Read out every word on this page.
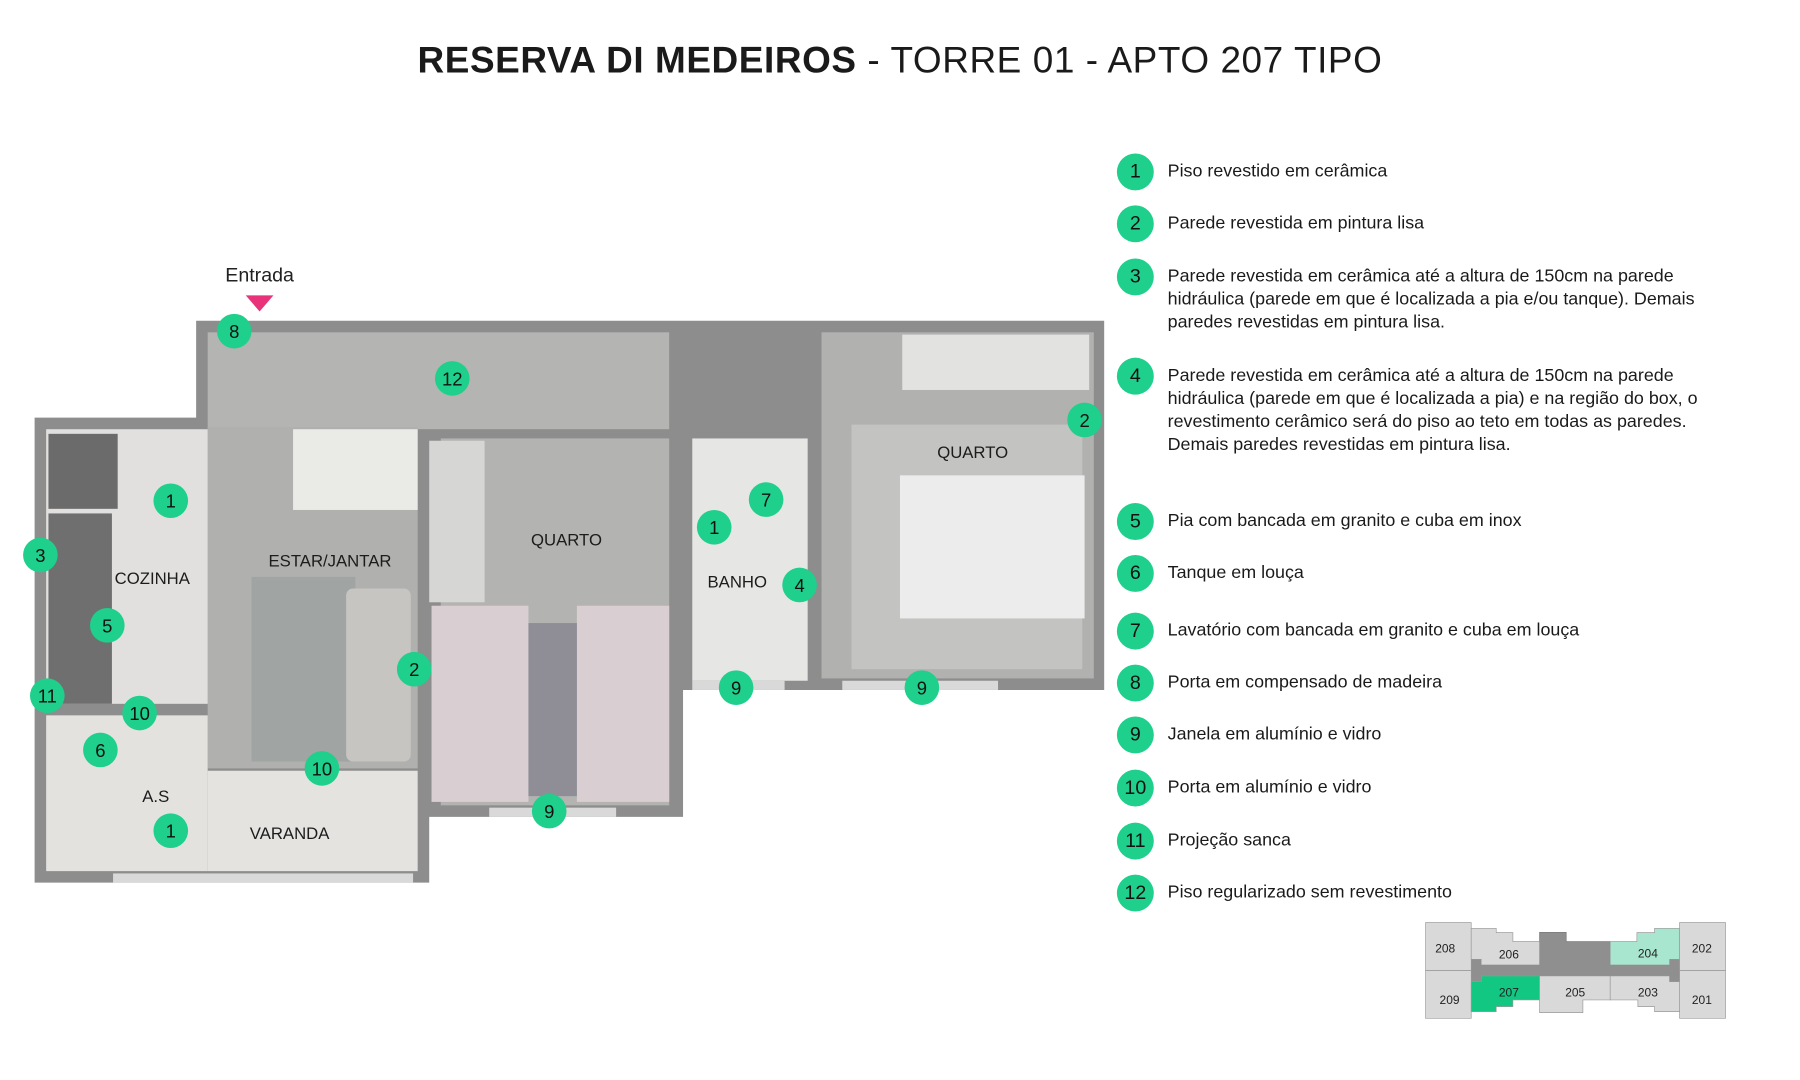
RESERVA DI MEDEIROS - TORRE 01 - APTO 207 TIPO
Entrada
COZINHA
ESTAR/JANTAR
QUARTO
BANHO
QUARTO
A.S
VARANDA
8
12
1
3
5
11
10
6
1
10
2
9
7
1
4
9	9
2
1	Piso revestido em cerâmica
2	Parede revestida em pintura lisa
3	Parede revestida em cerâmica até a altura de 150cm na parede hidráulica (parede em que é localizada a pia e/ou tanque). Demais paredes revestidas em pintura lisa.
4	Parede revestida em cerâmica até a altura de 150cm na parede hidráulica (parede em que é localizada a pia) e na região do box, o revestimento cerâmico será do piso ao teto em todas as paredes. Demais paredes revestidas em pintura lisa.
5	Pia com bancada em granito e cuba em inox
6	Tanque em louça
7	Lavatório com bancada em granito e cuba em louça
8	Porta em compensado de madeira
9	Janela em alumínio e vidro
10	Porta em alumínio e vidro
11	Projeção sanca
12	Piso regularizado sem revestimento
208
209
206	204 202
201
207 205 203
